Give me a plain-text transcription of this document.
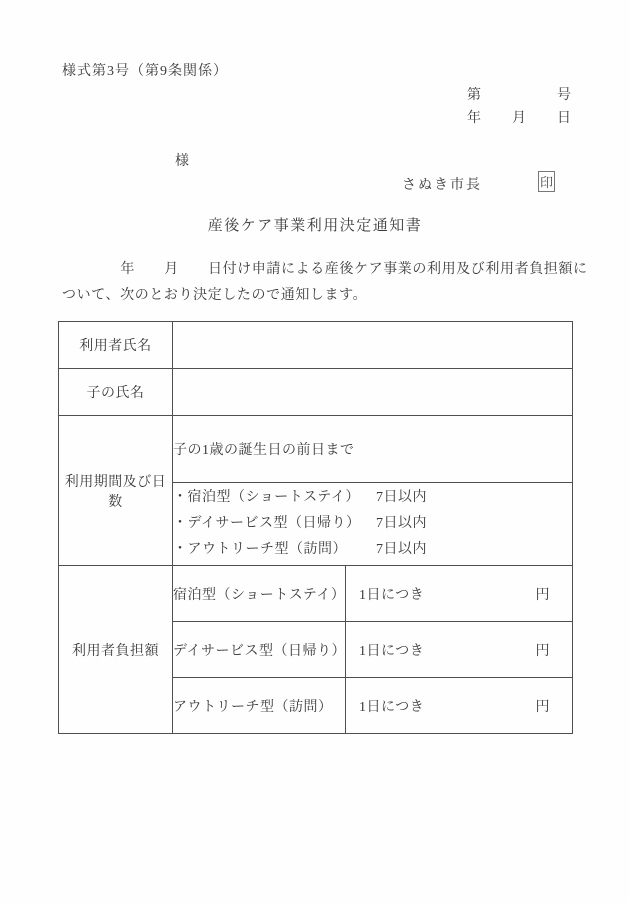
様式第3号（第9条関係）
第　　　　　号
年　　月　　日
様
さぬき市長	印
産後ケア事業利用決定通知書
　　　　年　　月　　日付け申請による産後ケア事業の利用及び利用者負担額に
ついて、次のとおり決定したので通知します。
利用者氏名		
子の氏名		
利用期間及び日数	子の1歳の誕生日の前日まで	

	・宿泊型（ショートステイ） 7日以内
・デイサービス型（日帰り） 7日以内
・アウトリーチ型（訪問） 7日以内	

利用者負担額	宿泊型（ショートステイ）	1日につき 円

	デイサービス型（日帰り）	1日につき 円

	アウトリーチ型（訪問）	1日につき 円
